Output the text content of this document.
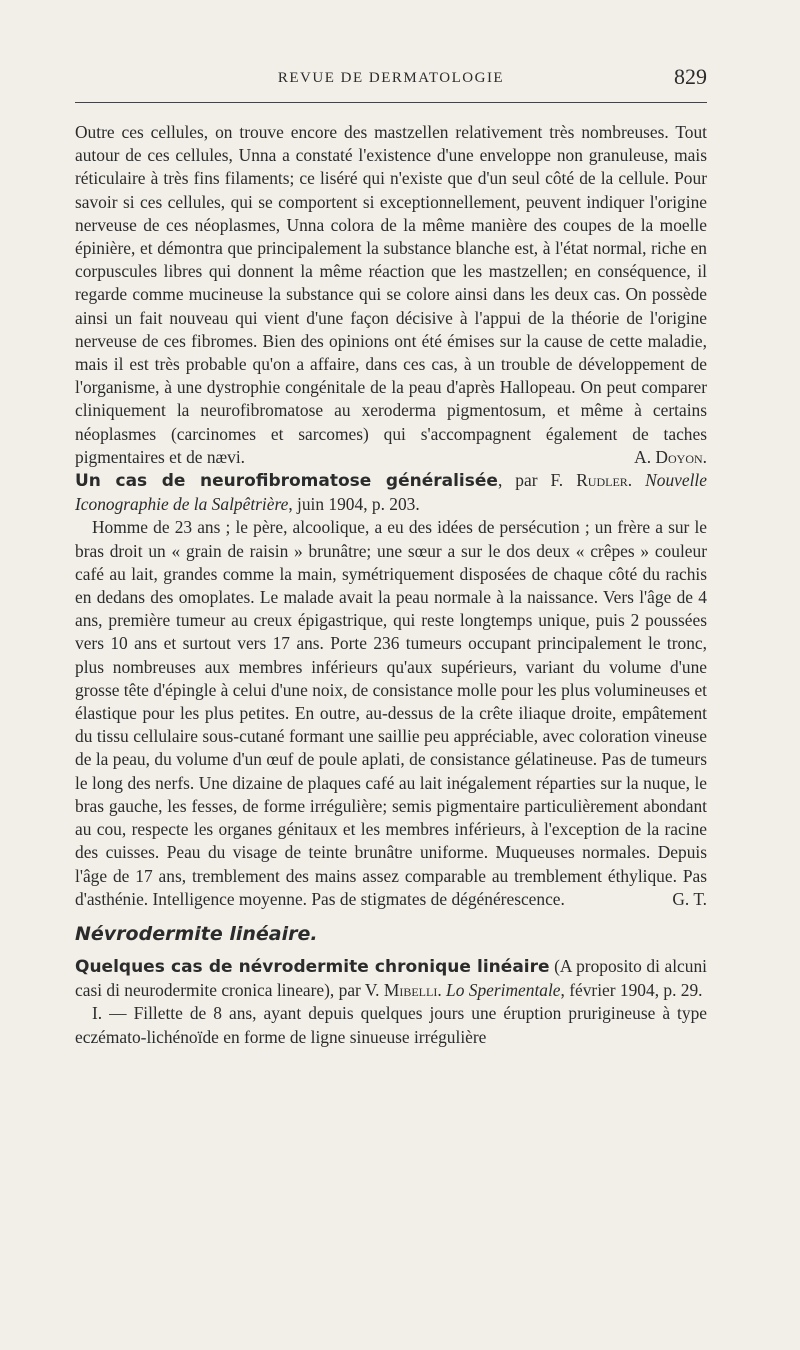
REVUE DE DERMATOLOGIE	829

Outre ces cellules, on trouve encore des mastzellen relativement très nombreuses. Tout autour de ces cellules, Unna a constaté l'existence d'une enveloppe non granuleuse, mais réticulaire à très fins filaments; ce liséré qui n'existe que d'un seul côté de la cellule. Pour savoir si ces cellules, qui se comportent si exceptionnellement, peuvent indiquer l'origine nerveuse de ces néoplasmes, Unna colora de la même manière des coupes de la moelle épinière, et démontra que principalement la substance blanche est, à l'état normal, riche en corpuscules libres qui donnent la même réaction que les mastzellen; en conséquence, il regarde comme mucineuse la substance qui se colore ainsi dans les deux cas. On possède ainsi un fait nouveau qui vient d'une façon décisive à l'appui de la théorie de l'origine nerveuse de ces fibromes. Bien des opinions ont été émises sur la cause de cette maladie, mais il est très probable qu'on a affaire, dans ces cas, à un trouble de développement de l'organisme, à une dystrophie congénitale de la peau d'après Hallopeau. On peut comparer cliniquement la neurofibromatose au xeroderma pigmentosum, et même à certains néoplasmes (carcinomes et sarcomes) qui s'accompagnent également de taches pigmentaires et de nævi.	A. Doyon.

Un cas de neurofibromatose généralisée, par F. Rudler. Nouvelle Iconographie de la Salpêtrière, juin 1904, p. 203.

Homme de 23 ans ; le père, alcoolique, a eu des idées de persécution ; un frère a sur le bras droit un « grain de raisin » brunâtre; une sœur a sur le dos deux « crêpes » couleur café au lait, grandes comme la main, symétriquement disposées de chaque côté du rachis en dedans des omoplates. Le malade avait la peau normale à la naissance. Vers l'âge de 4 ans, première tumeur au creux épigastrique, qui reste longtemps unique, puis 2 poussées vers 10 ans et surtout vers 17 ans. Porte 236 tumeurs occupant principalement le tronc, plus nombreuses aux membres inférieurs qu'aux supérieurs, variant du volume d'une grosse tête d'épingle à celui d'une noix, de consistance molle pour les plus volumineuses et élastique pour les plus petites. En outre, au-dessus de la crête iliaque droite, empâtement du tissu cellulaire sous-cutané formant une saillie peu appréciable, avec coloration vineuse de la peau, du volume d'un œuf de poule aplati, de consistance gélatineuse. Pas de tumeurs le long des nerfs. Une dizaine de plaques café au lait inégalement réparties sur la nuque, le bras gauche, les fesses, de forme irrégulière; semis pigmentaire particulièrement abondant au cou, respecte les organes génitaux et les membres inférieurs, à l'exception de la racine des cuisses. Peau du visage de teinte brunâtre uniforme. Muqueuses normales. Depuis l'âge de 17 ans, tremblement des mains assez comparable au tremblement éthylique. Pas d'asthénie. Intelligence moyenne. Pas de stigmates de dégénérescence.	G. T.

Névrodermite linéaire.

Quelques cas de névrodermite chronique linéaire (A proposito di alcuni casi di neurodermite cronica lineare), par V. Mibelli. Lo Sperimentale, février 1904, p. 29.

I. — Fillette de 8 ans, ayant depuis quelques jours une éruption prurigineuse à type eczémato-lichénoïde en forme de ligne sinueuse irrégulière
